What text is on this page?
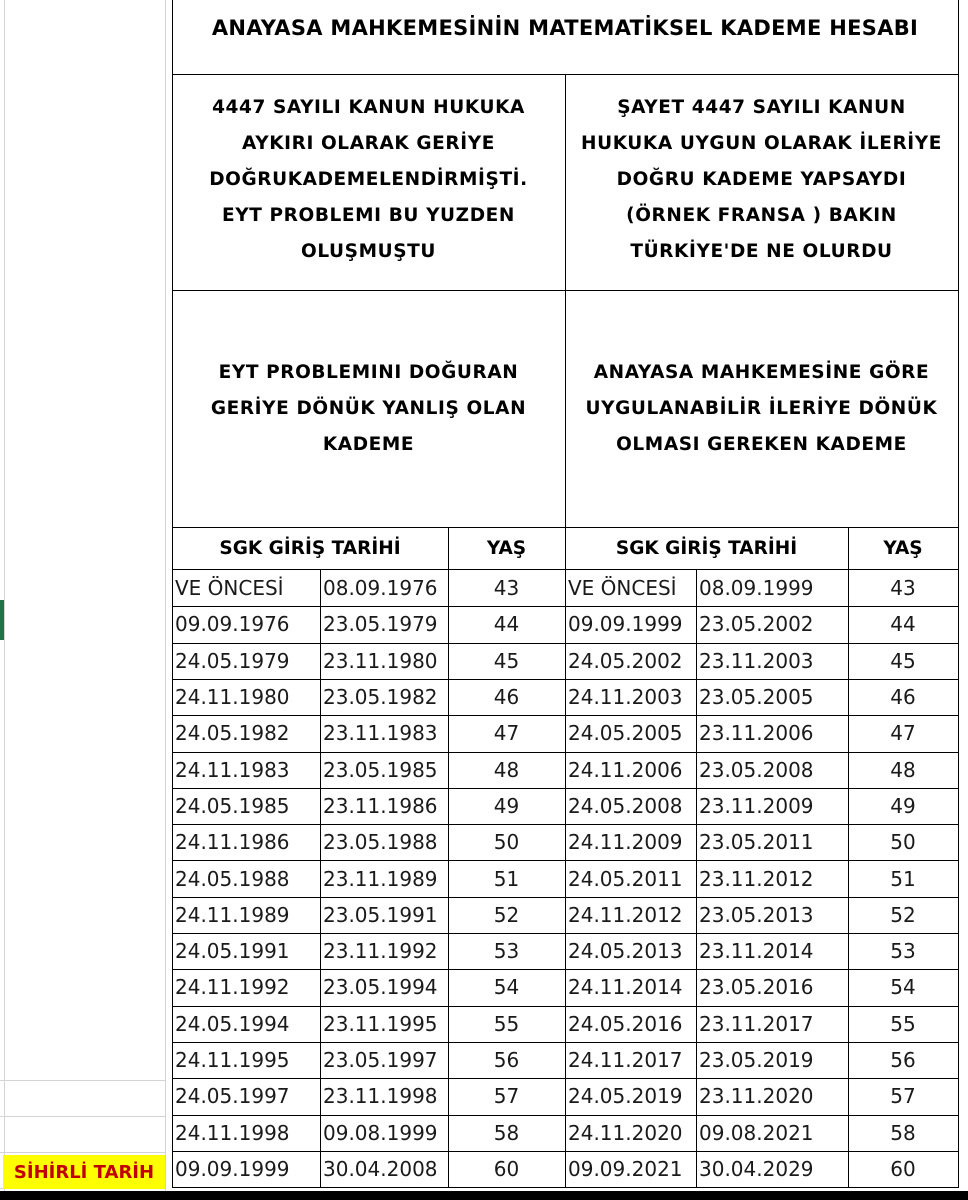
ANAYASA MAHKEMESİNİN MATEMATİKSEL KADEME HESABI
4447 SAYILI KANUN HUKUKA
AYKIRI OLARAK GERİYE
DOĞRUKADEMELENDİRMİŞTİ.
EYT PROBLEMI BU YUZDEN
OLUŞMUŞTU
ŞAYET 4447 SAYILI KANUN
HUKUKA UYGUN OLARAK İLERİYE
DOĞRU KADEME YAPSAYDI
(ÖRNEK FRANSA ) BAKIN
TÜRKİYE'DE NE OLURDU
EYT PROBLEMINI DOĞURAN
GERİYE DÖNÜK YANLIŞ OLAN
KADEME
ANAYASA MAHKEMESİNE GÖRE
UYGULANABİLİR İLERİYE DÖNÜK
OLMASI GEREKEN KADEME
SGK GİRİŞ TARİHİ	YAŞ	SGK GİRİŞ TARİHİ	YAŞ
SİHİRLİ TARİH
VE ÖNCESİ	08.09.1976	43	VE ÖNCESİ	08.09.1999	43
09.09.1976	23.05.1979	44	09.09.1999 23.05.2002	44
24.05.1979	23.11.1980	45	24.05.2002 23.11.2003	45
24.11.1980	23.05.1982	46	24.11.2003 23.05.2005	46
24.05.1982	23.11.1983	47	24.05.2005 23.11.2006	47
24.11.1983	23.05.1985	48	24.11.2006 23.05.2008	48
24.05.1985	23.11.1986	49	24.05.2008 23.11.2009	49
24.11.1986	23.05.1988	50	24.11.2009 23.05.2011	50
24.05.1988	23.11.1989	51	24.05.2011 23.11.2012	51
24.11.1989	23.05.1991	52	24.11.2012 23.05.2013	52
24.05.1991	23.11.1992	53	24.05.2013 23.11.2014	53
24.11.1992	23.05.1994	54	24.11.2014 23.05.2016	54
24.05.1994	23.11.1995	55	24.05.2016 23.11.2017	55
24.11.1995	23.05.1997	56	24.11.2017 23.05.2019	56
24.05.1997	23.11.1998	57	24.05.2019 23.11.2020	57
24.11.1998	09.08.1999	58	24.11.2020 09.08.2021	58
09.09.1999	30.04.2008	60	09.09.2021 30.04.2029	60
